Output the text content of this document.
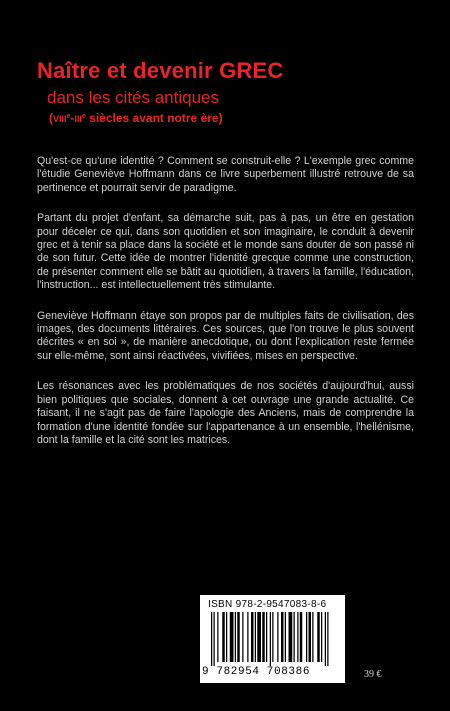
Naître et devenir GREC
dans les cités antiques
(VIIIe-IIIe siècles avant notre ère)

Qu'est-ce qu'une identité ? Comment se construit-elle ? L'exemple grec comme l'étudie Geneviève Hoffmann dans ce livre superbement illustré retrouve de sa pertinence et pourrait servir de paradigme.

Partant du projet d'enfant, sa démarche suit, pas à pas, un être en gestation pour déceler ce qui, dans son quotidien et son imaginaire, le conduit à devenir grec et à tenir sa place dans la société et le monde sans douter de son passé ni de son futur. Cette idée de montrer l'identité grecque comme une construction, de présenter comment elle se bâtit au quotidien, à travers la famille, l'éducation, l'instruction... est intellectuellement très stimulante.

Geneviève Hoffmann étaye son propos par de multiples faits de civilisation, des images, des documents littéraires. Ces sources, que l'on trouve le plus souvent décrites « en soi », de manière anecdotique, ou dont l'explication reste fermée sur elle-même, sont ainsi réactivées, vivifiées, mises en perspective.

Les résonances avec les problématiques de nos sociétés d'aujourd'hui, aussi bien politiques que sociales, donnent à cet ouvrage une grande actualité. Ce faisant, il ne s'agit pas de faire l'apologie des Anciens, mais de comprendre la formation d'une identité fondée sur l'appartenance à un ensemble, l'hellénisme, dont la famille et la cité sont les matrices.

ISBN 978-2-9547083-8-6
9 782954 708386	39 €
